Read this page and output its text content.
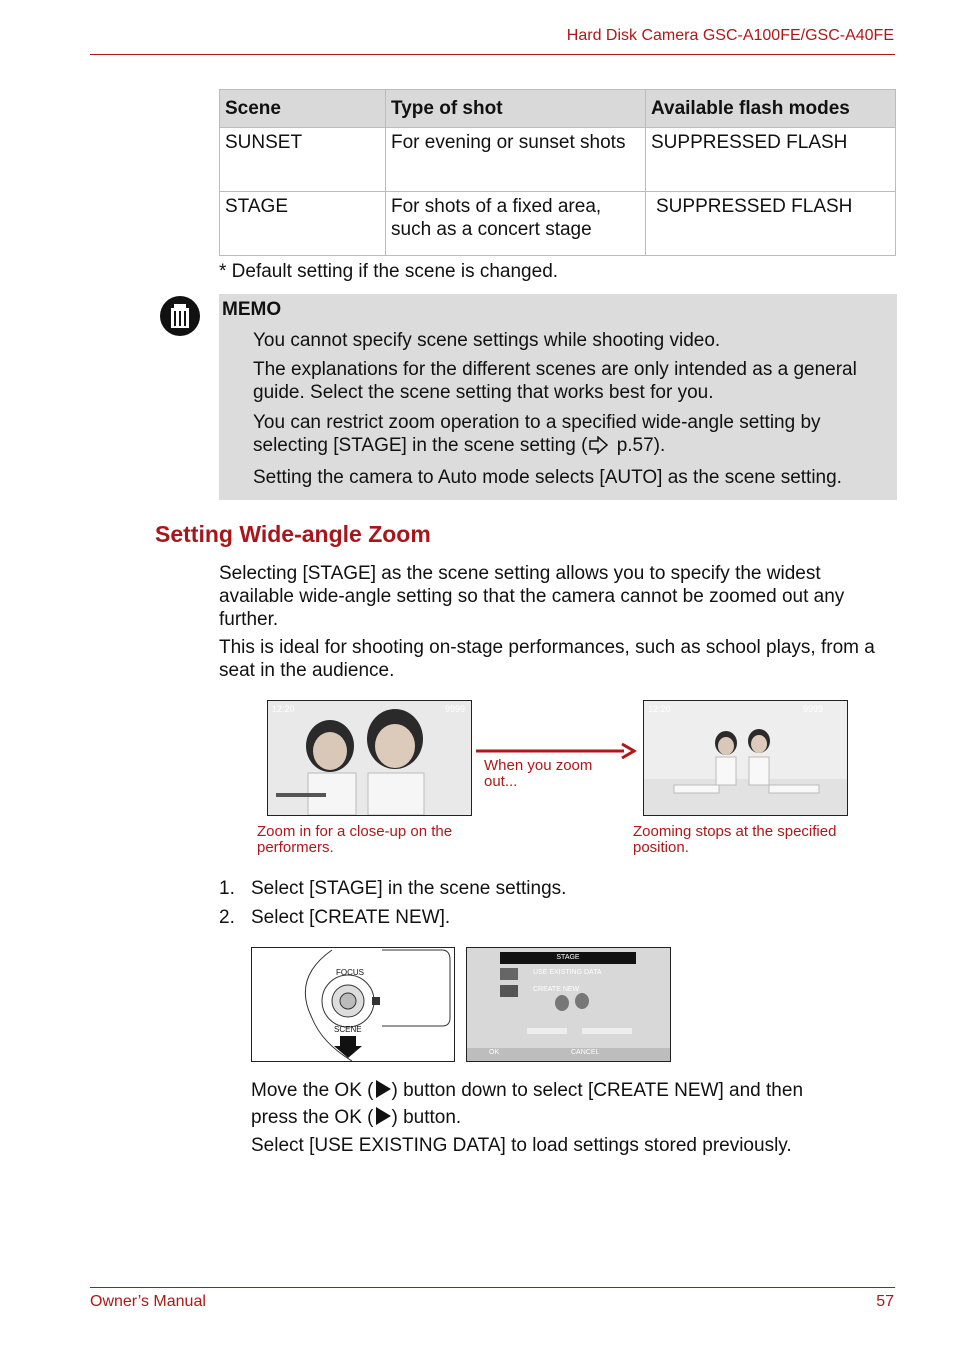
Hard Disk Camera GSC-A100FE/GSC-A40FE
Scene	Type of shot	Available flash modes
SUNSET	For evening or sunset shots	SUPPRESSED FLASH
STAGE	For shots of a fixed area, such as a concert stage	SUPPRESSED FLASH
* Default setting if the scene is changed.
MEMO
You cannot specify scene settings while shooting video.
The explanations for the different scenes are only intended as a general guide. Select the scene setting that works best for you.
You can restrict zoom operation to a specified wide-angle setting by selecting [STAGE] in the scene setting ( p.57).
Setting the camera to Auto mode selects [AUTO] as the scene setting.
Setting Wide-angle Zoom
Selecting [STAGE] as the scene setting allows you to specify the widest available wide-angle setting so that the camera cannot be zoomed out any further.
This is ideal for shooting on-stage performances, such as school plays, from a seat in the audience.
12:20	9999
When you zoom out...
12:20	9999
Zoom in for a close-up on the performers.
Zooming stops at the specified position.
1. Select [STAGE] in the scene settings.
2. Select [CREATE NEW].
FOCUS
SCENE
STAGE
USE EXISTING DATA
CREATE NEW
OK	CANCEL
Move the OK ( ) button down to select [CREATE NEW] and then
press the OK ( ) button.
Select [USE EXISTING DATA] to load settings stored previously.
Owner’s Manual	57
